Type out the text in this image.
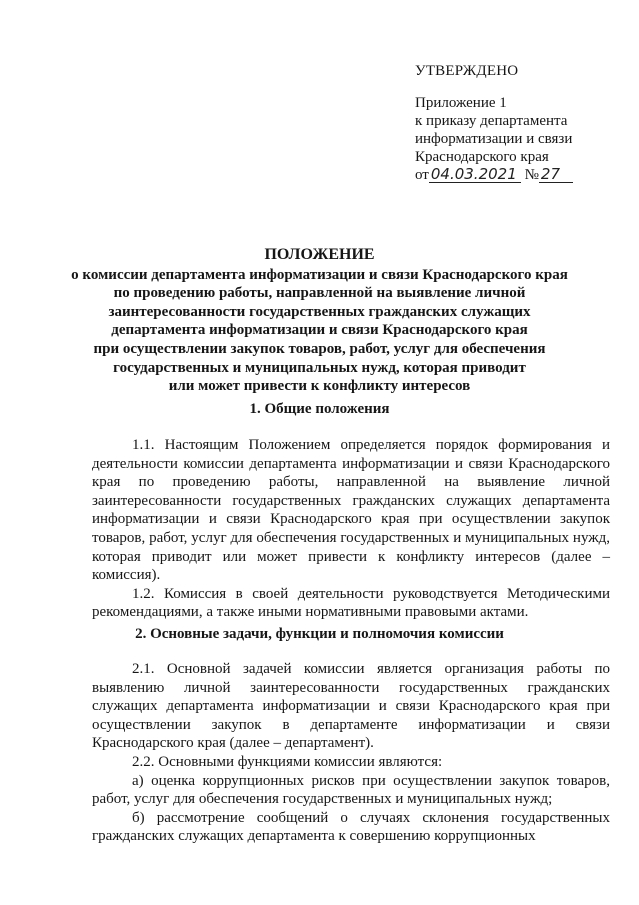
УТВЕРЖДЕНО
Приложение 1
к приказу департамента
информатизации и связи
Краснодарского края
от 04.03.2021 № 27
ПОЛОЖЕНИЕ
о комиссии департамента информатизации и связи Краснодарского края
по проведению работы, направленной на выявление личной
заинтересованности государственных гражданских служащих
департамента информатизации и связи Краснодарского края
при осуществлении закупок товаров, работ, услуг для обеспечения
государственных и муниципальных нужд, которая приводит
или может привести к конфликту интересов
1. Общие положения

1.1. Настоящим Положением определяется порядок формирования и деятельности комиссии департамента информатизации и связи Краснодарского края по проведению работы, направленной на выявление личной заинтересованности государственных гражданских служащих департамента информатизации и связи Краснодарского края при осуществлении закупок товаров, работ, услуг для обеспечения государственных и муниципальных нужд, которая приводит или может привести к конфликту интересов (далее – комиссия).

1.2. Комиссия в своей деятельности руководствуется Методическими рекомендациями, а также иными нормативными правовыми актами.

2. Основные задачи, функции и полномочия комиссии

2.1. Основной задачей комиссии является организация работы по выявлению личной заинтересованности государственных гражданских служащих департамента информатизации и связи Краснодарского края при осуществлении закупок в департаменте информатизации и связи Краснодарского края (далее – департамент).

2.2. Основными функциями комиссии являются:

а) оценка коррупционных рисков при осуществлении закупок товаров, работ, услуг для обеспечения государственных и муниципальных нужд;

б) рассмотрение сообщений о случаях склонения государственных гражданских служащих департамента к совершению коррупционных
